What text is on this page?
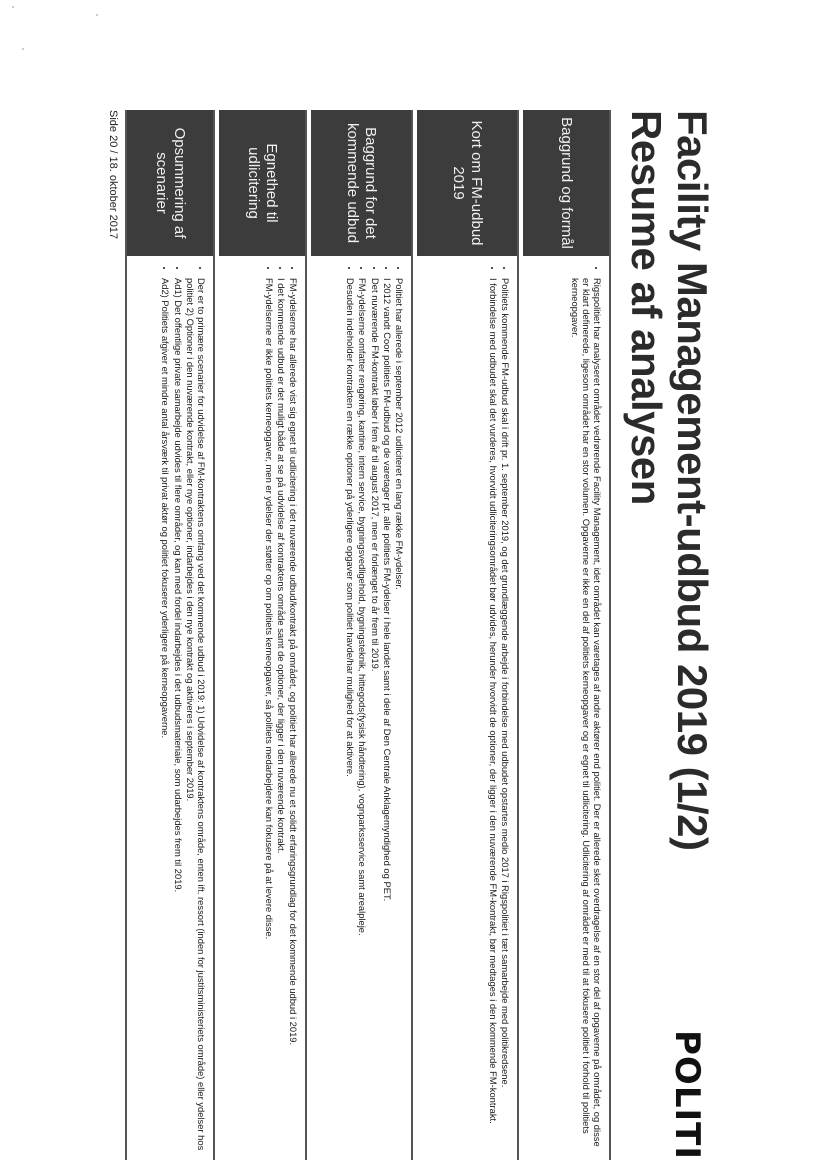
Facility Management-udbud 2019 (1/2) Resume af analysen
POLITI
Baggrund og formål
• Rigspolitiet har analyseret området vedrørende Facility Management, idet området kan varetages af andre aktører end politiet. Der er allerede sket overdragelse af en stor del af opgaverne på området, og disse er klart definerede, ligesom området har en stor volumen. Opgaverne er ikke en del af politiets kerneopgaver og er egnet til udlicitering. Udlicitering af området er med til at fokusere politiet i forhold til politiets kerneopgaver.
Kort om FM-udbud 2019
• Politiets kommende FM-udbud skal i drift pr. 1. september 2019, og det grundlæggende arbejde i forbindelse med udbudet opstartes medio 2017 i Rigspolitiet i tæt samarbejde med politikredsene.
• I forbindelse med udbudet skal det vurderes, hvorvidt udliciteringsområdet bør udvides, herunder hvorvidt de optioner, der ligger i den nuværende FM-kontrakt, bør medtages i den kommende FM-kontrakt.
Baggrund for det kommende udbud
• Politiet har allerede i september 2012 udliciteret en lang række FM-ydelser.
• I 2012 vandt Coor politiets FM-udbud og de varetager pt. alle politiets FM-ydelser i hele landet samt i dele af Den Centrale Anklagemyndighed og PET.
• Det nuværende FM-kontrakt løber i fem år til august 2017, men er forlænget to år frem til 2019.
• FM-ydelserne omfatter rengøring, kantine, intern service, bygningsvedligehold, bygningsteknik, hittegods(fysisk håndtering), vognparksservice samt arealpleje.
• Desuden indeholder kontrakten en række optioner på yderligere opgaver som politiet havde/har mulighed for at aktivere.
Egnethed til udlicitering
• FM-ydelserne har allerede vist sig egnet til udlicitering i det nuværende udbud/kontrakt på området, og politiet har allerede nu et solidt erfaringsgrundlag for det kommende udbud i 2019.
• I det kommende udbud er det muligt både at se på udvidelse af kontraktens område samt de optioner, der ligger i den nuværende kontrakt.
• FM-ydelserne er ikke politiets kerneopgaver, men er ydelser der støtter op om politiets kerneopgaver, så politiets medarbejdere kan fokusere på at levere disse.
Opsummering af scenarier
• Der er to primære scenarier for udvidelse af FM-kontraktens omfang ved det kommende udbud i 2019: 1) Udvidelse af kontraktens område, enten ift. ressort (inden for justitsministeriets område) eller ydelser hos politiet 2) Optioner i den nuværende kontrakt, eller nye optioner, indarbejdes i den nye kontrakt og aktiveres i september 2019.
• Ad1) Det offentlige private samarbejde udvides til flere områder, og kan med fordel indarbejdes i det udbudsmateriale, som udarbejdes frem til 2019.
• Ad2) Politiets afgiver et mindre antal årsværk til privat aktør og politiet fokuserer yderligere på kerneopgaverne.
Side 20 / 18. oktober 2017
